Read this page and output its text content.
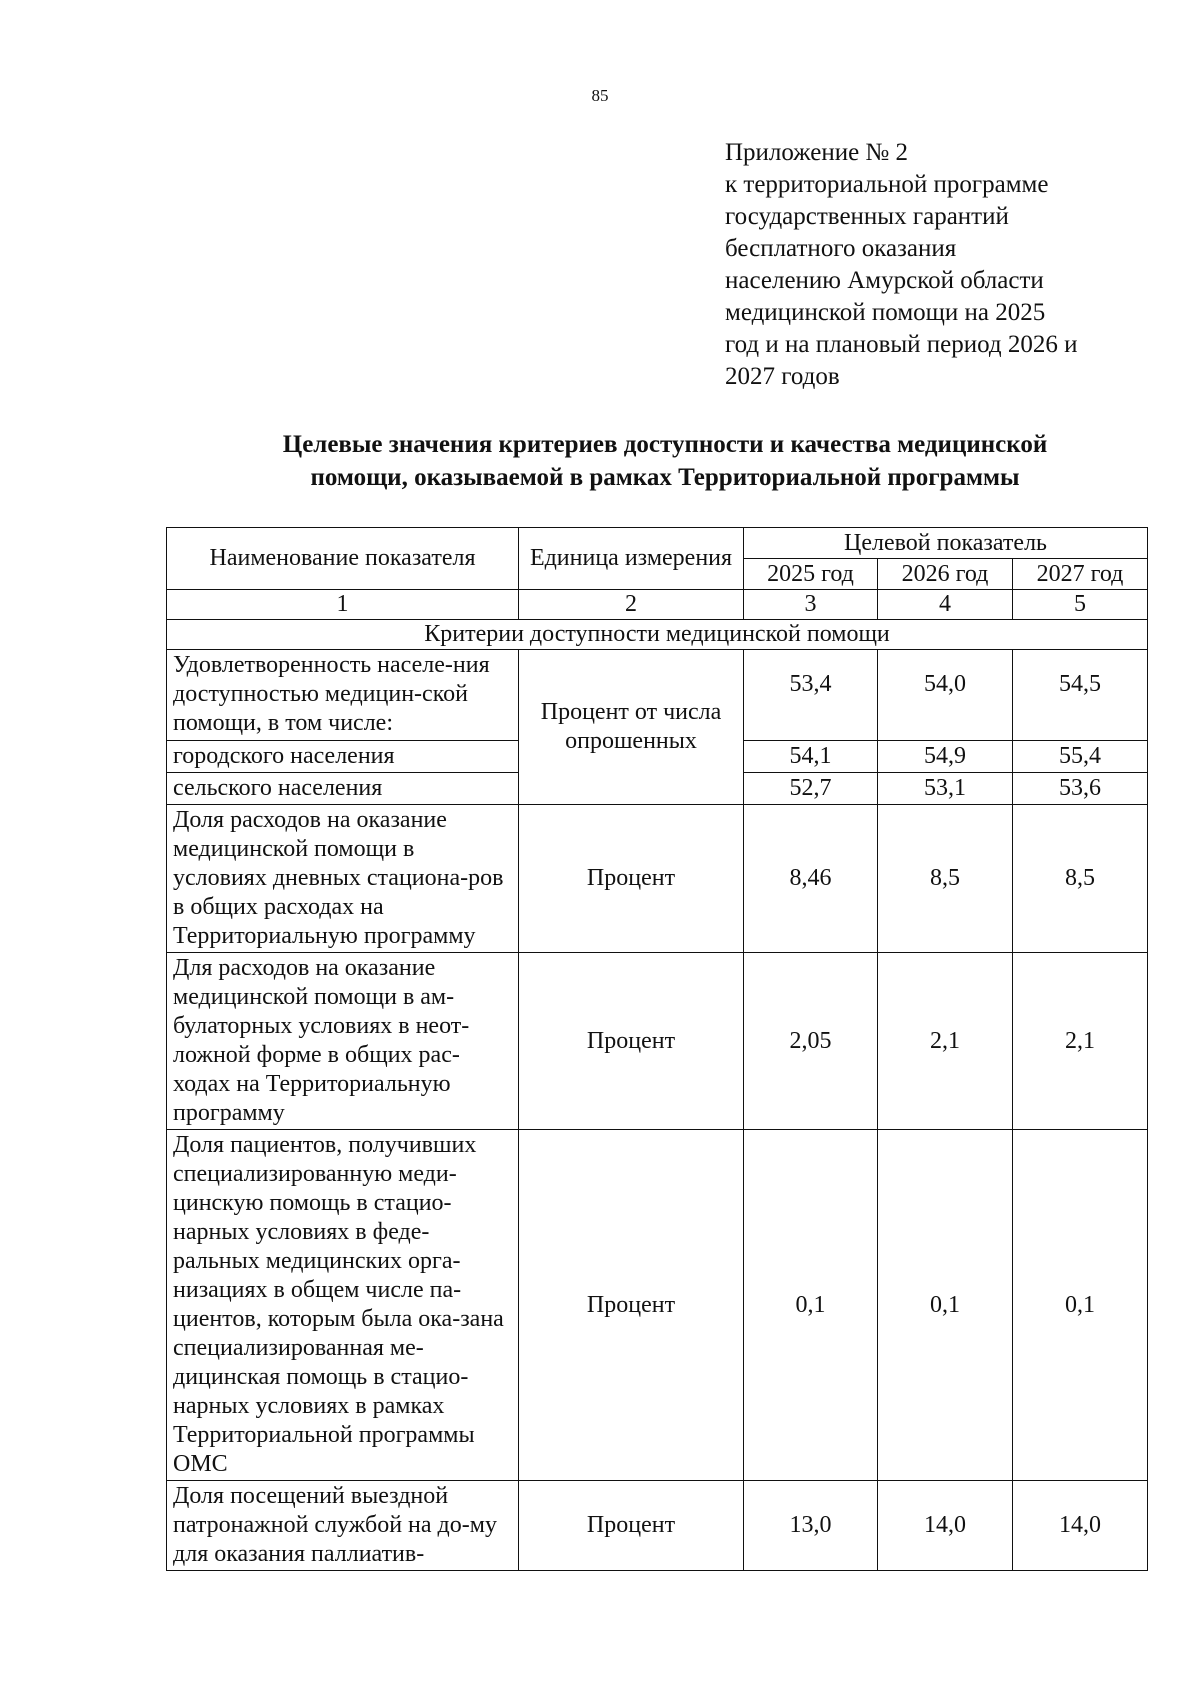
85
Приложение № 2
к территориальной программе
государственных гарантий
бесплатного оказания
населению Амурской области
медицинской помощи на 2025
год и на плановый период 2026 и
2027 годов
Целевые значения критериев доступности и качества медицинской
помощи, оказываемой в рамках Территориальной программы
Наименование показателя	Единица измерения	Целевой показатель		
		2025 год	2026 год	2027 год
1	2	3	4	5
Критерии доступности медицинской помощи				
Удовлетворенность населе-ния доступностью медицин-ской помощи, в том числе:	Процент от числа опрошенных	53,4	54,0	54,5
городского населения		54,1	54,9	55,4
сельского населения		52,7	53,1	53,6
Доля расходов на оказание медицинской помощи в условиях дневных стациона-ров в общих расходах на Территориальную программу	Процент	8,46	8,5	8,5
Для расходов на оказание медицинской помощи в ам-булаторных условиях в неот-ложной форме в общих рас-ходах на Территориальную программу	Процент	2,05	2,1	2,1
Доля пациентов, получивших специализированную меди-цинскую помощь в стацио-нарных условиях в феде-ральных медицинских орга-низациях в общем числе па-циентов, которым была ока-зана специализированная ме-дицинская помощь в стацио-нарных условиях в рамках Территориальной программы ОМС	Процент	0,1	0,1	0,1
Доля посещений выездной патронажной службой на до-му для оказания паллиатив-	Процент	13,0	14,0	14,0
